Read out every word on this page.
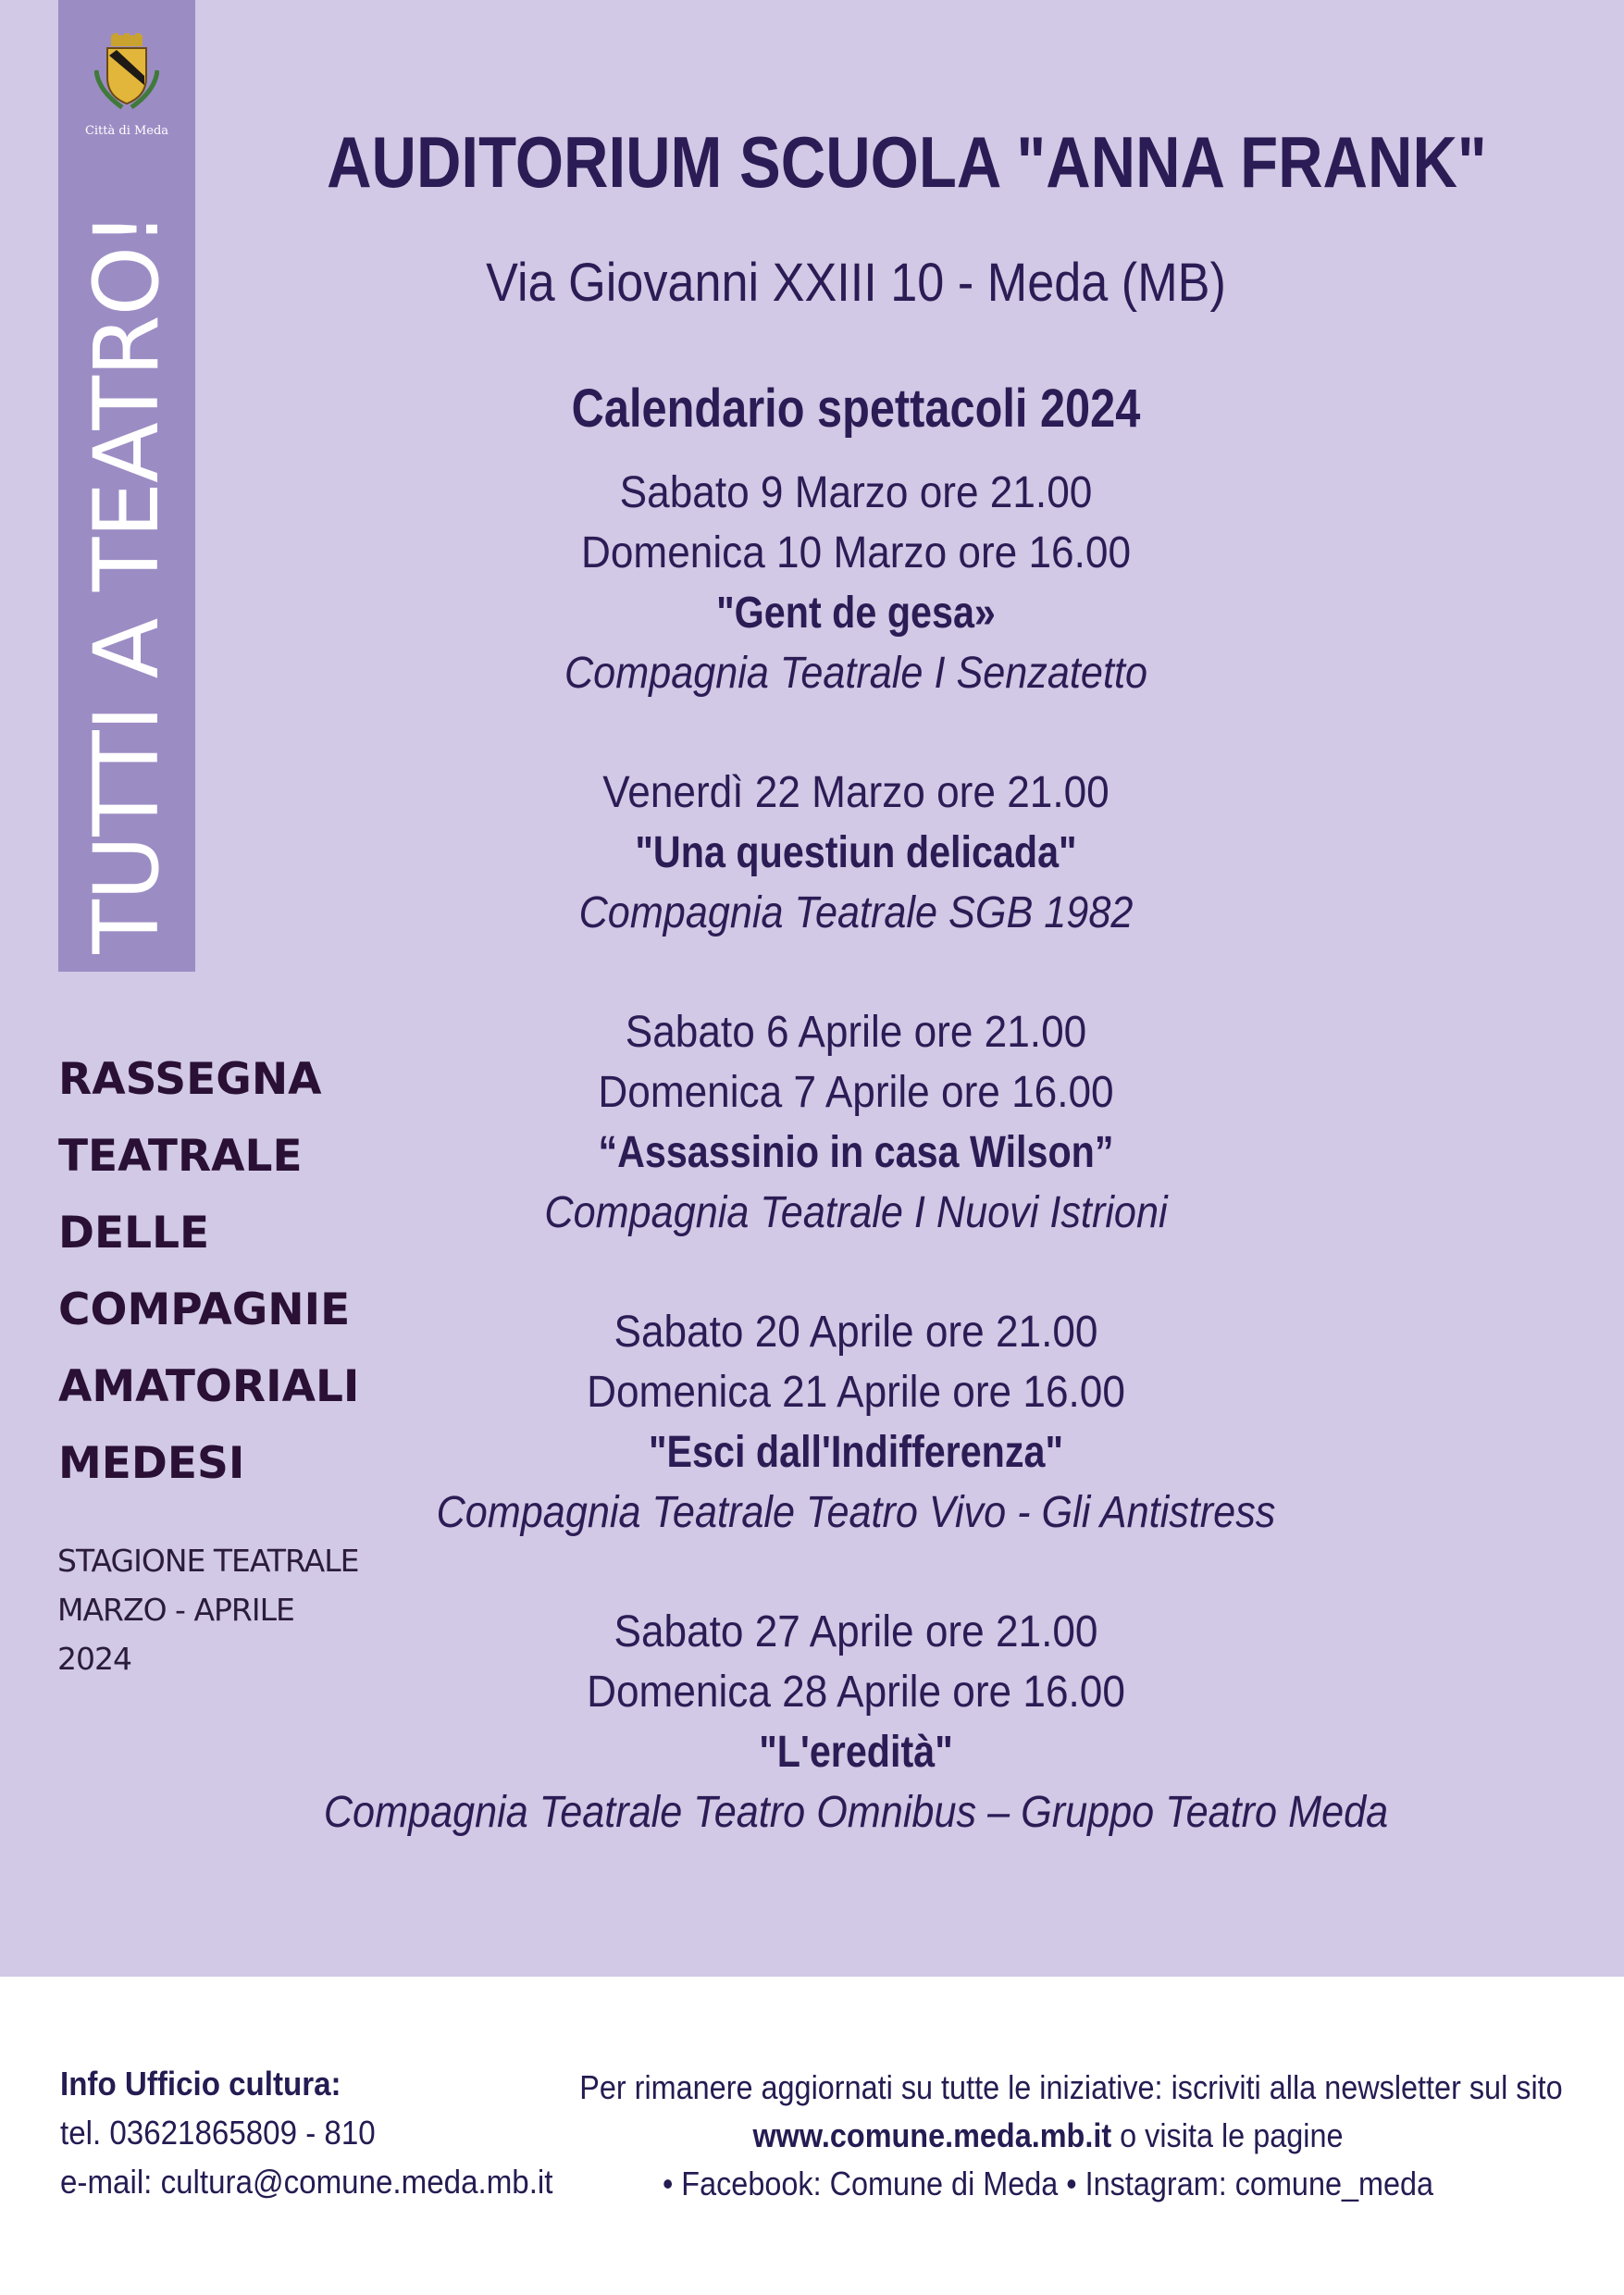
Città di Meda
TUTTI A TEATRO!
AUDITORIUM SCUOLA "ANNA FRANK"
Via Giovanni XXIII 10 - Meda (MB)
Calendario spettacoli 2024
Sabato 9 Marzo ore 21.00
Domenica 10 Marzo ore 16.00
"Gent de gesa»
Compagnia Teatrale I Senzatetto
Venerdì 22 Marzo ore 21.00
"Una questiun delicada"
Compagnia Teatrale SGB 1982
Sabato 6 Aprile ore 21.00
Domenica 7 Aprile ore 16.00
“Assassinio in casa Wilson”
Compagnia Teatrale I Nuovi Istrioni
Sabato 20 Aprile ore 21.00
Domenica 21 Aprile ore 16.00
"Esci dall'Indifferenza"
Compagnia Teatrale Teatro Vivo - Gli Antistress
Sabato 27 Aprile ore 21.00
Domenica 28 Aprile ore 16.00
"L'eredità"
Compagnia Teatrale Teatro Omnibus – Gruppo Teatro Meda
RASSEGNA
TEATRALE
DELLE
COMPAGNIE
AMATORIALI
MEDESI
STAGIONE TEATRALE
MARZO - APRILE
2024
Info Ufficio cultura:
tel. 03621865809 - 810
e-mail: cultura@comune.meda.mb.it
Per rimanere aggiornati su tutte le iniziative: iscriviti alla newsletter sul sito
www.comune.meda.mb.it o visita le pagine
• Facebook: Comune di Meda • Instagram: comune_meda
